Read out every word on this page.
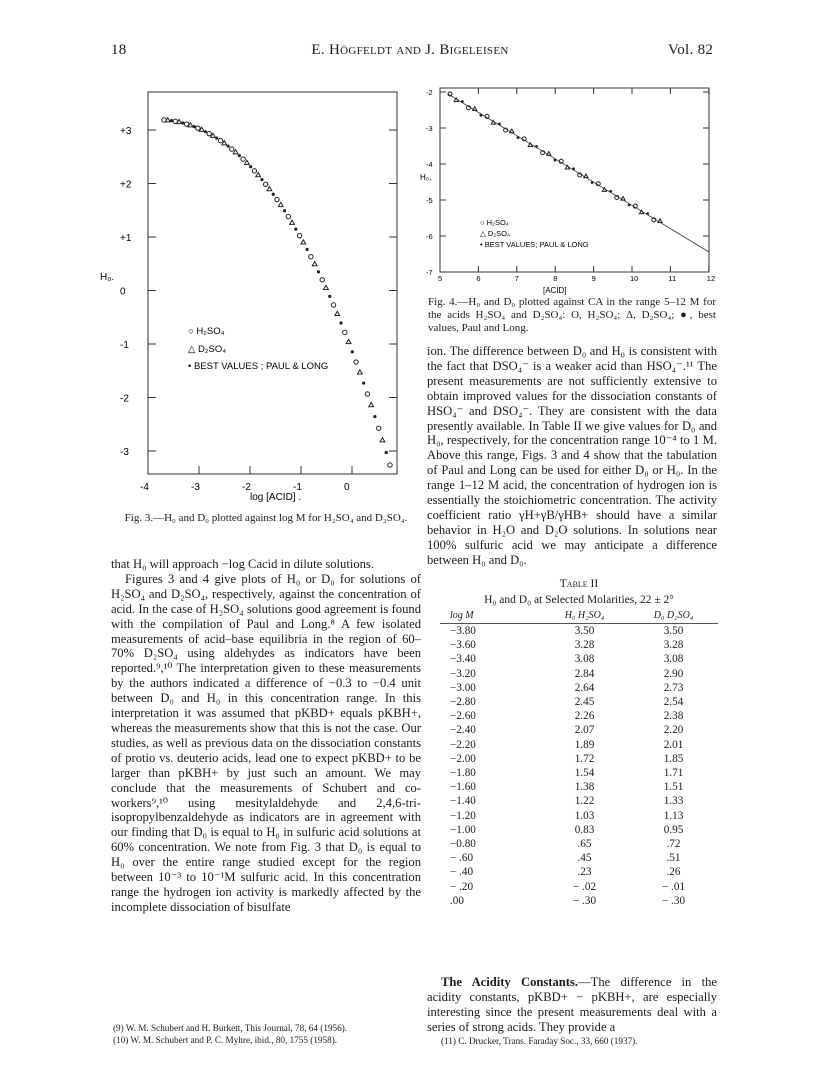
18	E. Högfeldt and J. Bigeleisen	Vol. 82
+3
+2
+1
0
-1
-2
-3
-4	-3	-2	-1	0
H₀.
log [ACID] .
○ H₂SO₄
△ D₂SO₄
• BEST VALUES ; PAUL & LONG
Fig. 3.—H₀ and D₀ plotted against log M for H₂SO₄ and D₂SO₄.
-2
-3
-4
-5
-6
-7
5	6	7	8	9	10	11	12
H₀,
[ACID]
○ H₂SO₄
△ D₂SO₄
• BEST VALUES; PAUL & LONG
Fig. 4.—H₀ and D₀ plotted against CA in the range 5–12 M for the acids H₂SO₄ and D₂SO₄: O, H₂SO₄; Δ, D₂SO₄; ●, best values, Paul and Long.

that H₀ will approach −log Cacid in dilute solutions.

Figures 3 and 4 give plots of H₀ or D₀ for solutions of H₂SO₄ and D₂SO₄, respectively, against the concentration of acid. In the case of H₂SO₄ solutions good agreement is found with the compilation of Paul and Long.⁸ A few isolated measurements of acid–base equilibria in the region of 60–70% D₂SO₄ using aldehydes as indicators have been reported.⁹,¹⁰ The interpretation given to these measurements by the authors indicated a difference of −0.3 to −0.4 unit between D₀ and H₀ in this concentration range. In this interpretation it was assumed that pKBD+ equals pKBH+, whereas the measurements show that this is not the case. Our studies, as well as previous data on the dissociation constants of protio vs. deuterio acids, lead one to expect pKBD+ to be larger than pKBH+ by just such an amount. We may conclude that the measurements of Schubert and co-workers⁹,¹⁰ using mesitylaldehyde and 2,4,6-tri-isopropylbenzaldehyde as indicators are in agreement with our finding that D₀ is equal to H₀ in sulfuric acid solutions at 60% concentration. We note from Fig. 3 that D₀ is equal to H₀ over the entire range studied except for the region between 10⁻³ to 10⁻¹M sulfuric acid. In this concentration range the hydrogen ion activity is markedly affected by the incomplete dissociation of bisulfate

(9) W. M. Schubert and H. Burkett, This Journal, 78, 64 (1956).
(10) W. M. Schubert and P. C. Myhre, ibid., 80, 1755 (1958).

ion. The difference between D₀ and H₀ is consistent with the fact that DSO₄⁻ is a weaker acid than HSO₄⁻.¹¹ The present measurements are not sufficiently extensive to obtain improved values for the dissociation constants of HSO₄⁻ and DSO₄⁻. They are consistent with the data presently available. In Table II we give values for D₀ and H₀, respectively, for the concentration range 10⁻⁴ to 1 M. Above this range, Figs. 3 and 4 show that the tabulation of Paul and Long can be used for either D₀ or H₀. In the range 1–12 M acid, the concentration of hydrogen ion is essentially the stoichiometric concentration. The activity coefficient ratio γH+γB/γHB+ should have a similar behavior in H₂O and D₂O solutions. In solutions near 100% sulfuric acid we may anticipate a difference between H₀ and D₀.

Table II
H₀ and D₀ at Selected Molarities, 22 ± 2°
log M	H₀ H₂SO₄	D₀ D₂SO₄
−3.80	3.50	3.50
−3.60	3.28	3.28
−3.40	3.08	3.08
−3.20	2.84	2.90
−3.00	2.64	2.73
−2.80	2.45	2.54
−2.60	2.26	2.38
−2.40	2.07	2.20
−2.20	1.89	2.01
−2.00	1.72	1.85
−1.80	1.54	1.71
−1.60	1.38	1.51
−1.40	1.22	1.33
−1.20	1.03	1.13
−1.00	0.83	0.95
−0.80	.65	.72
− .60	.45	.51
− .40	.23	.26
− .20	− .02	− .01
.00	− .30	− .30

The Acidity Constants.—The difference in the acidity constants, pKBD+ − pKBH+, are especially interesting since the present measurements deal with a series of strong acids. They provide a

(11) C. Drucker, Trans. Faraday Soc., 33, 660 (1937).
